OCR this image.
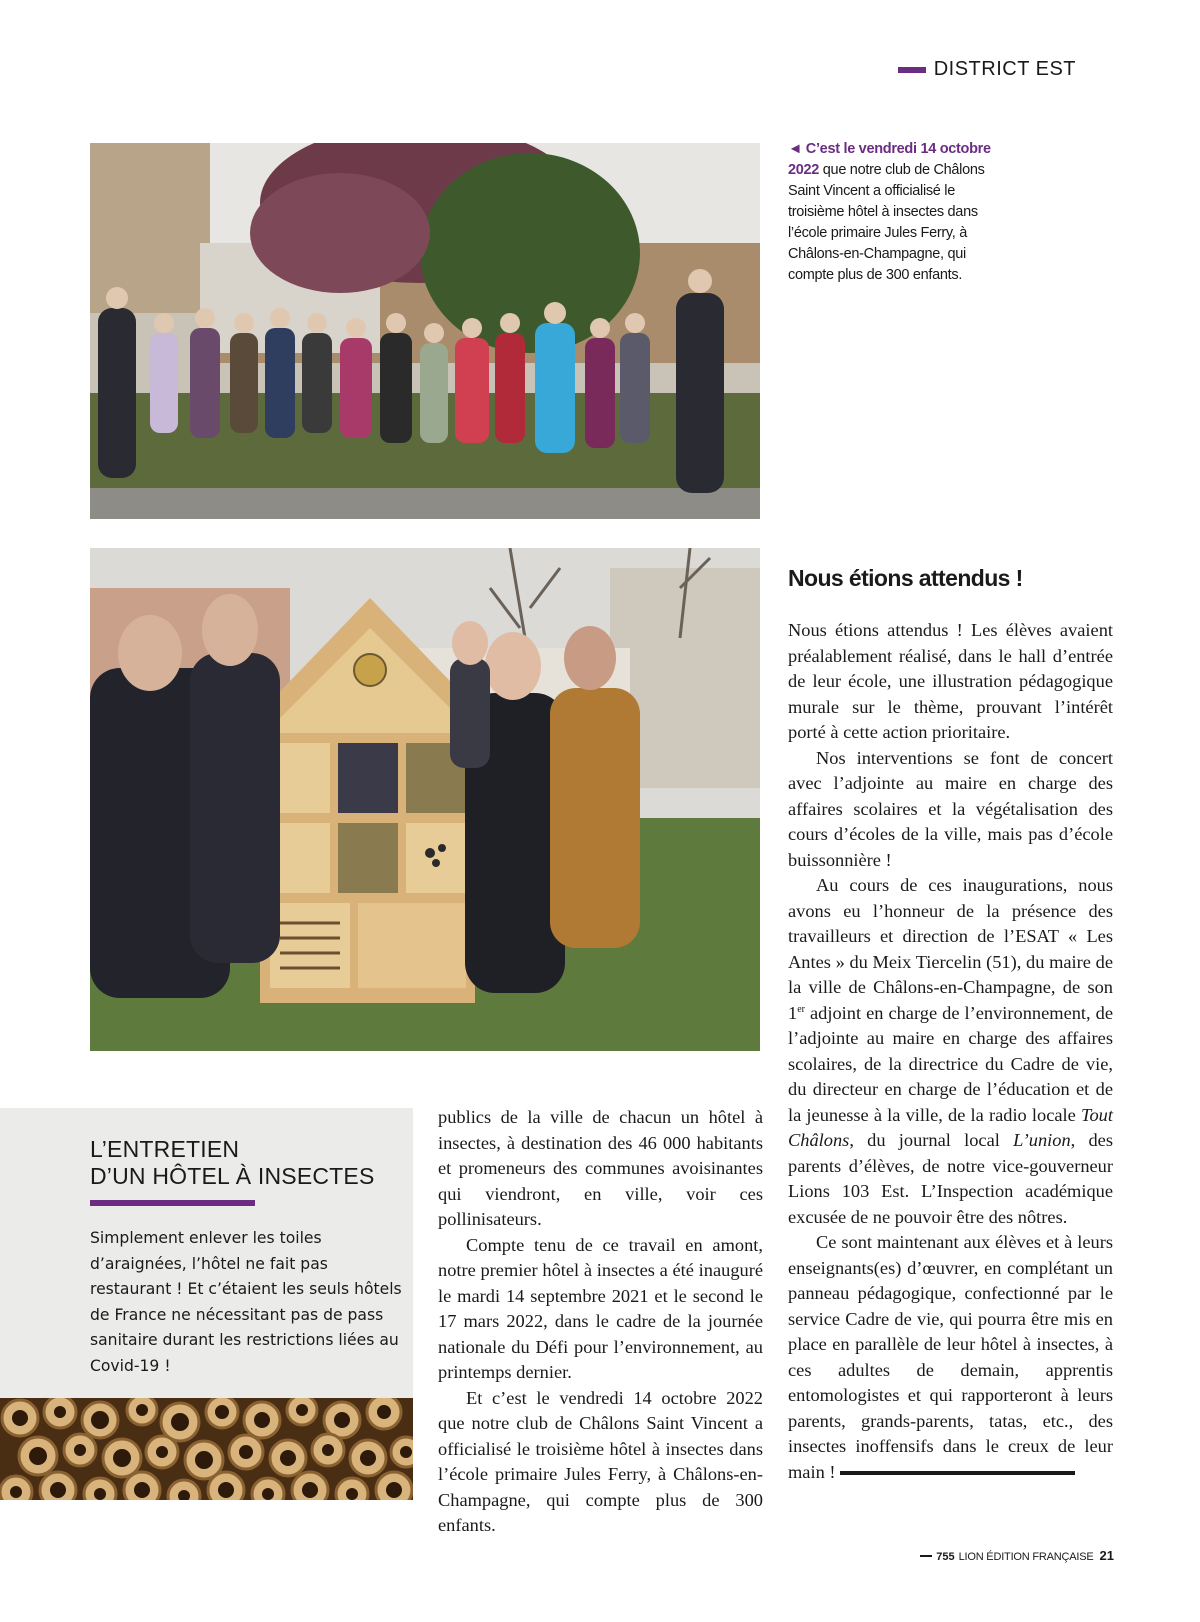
DISTRICT EST
◄ C’est le vendredi 14 octobre 2022 que notre club de Châlons Saint Vincent a officialisé le troisième hôtel à insectes dans l’école primaire Jules Ferry, à Châlons-en-Champagne, qui compte plus de 300 enfants.
Nous étions attendus !

Nous étions attendus ! Les élèves avaient préalablement réalisé, dans le hall d’entrée de leur école, une illustration pédagogique murale sur le thème, prouvant l’intérêt porté à cette action prioritaire.

Nos interventions se font de concert avec l’adjointe au maire en charge des affaires scolaires et la végétalisation des cours d’écoles de la ville, mais pas d’école buissonnière !

Au cours de ces inaugurations, nous avons eu l’honneur de la présence des travailleurs et direction de l’ESAT « Les Antes » du Meix Tiercelin (51), du maire de la ville de Châlons-en-Champagne, de son 1er adjoint en charge de l’environnement, de l’adjointe au maire en charge des affaires scolaires, de la directrice du Cadre de vie, du directeur en charge de l’éducation et de la jeunesse à la ville, de la radio locale Tout Châlons, du journal local L’union, des parents d’élèves, de notre vice-gouverneur Lions 103 Est. L’Inspection académique excusée de ne pouvoir être des nôtres.

Ce sont maintenant aux élèves et à leurs enseignants(es) d’œuvrer, en complétant un panneau pédagogique, confectionné par le service Cadre de vie, qui pourra être mis en place en parallèle de leur hôtel à insectes, à ces adultes de demain, apprentis entomologistes et qui rapporteront à leurs parents, grands-parents, tatas, etc., des insectes inoffensifs dans le creux de leur main !

publics de la ville de chacun un hôtel à insectes, à destination des 46 000 habitants et promeneurs des communes avoisinantes qui viendront, en ville, voir ces pollinisateurs.

Compte tenu de ce travail en amont, notre premier hôtel à insectes a été inauguré le mardi 14 septembre 2021 et le second le 17 mars 2022, dans le cadre de la journée nationale du Défi pour l’environnement, au printemps dernier.

Et c’est le vendredi 14 octobre 2022 que notre club de Châlons Saint Vincent a officialisé le troisième hôtel à insectes dans l’école primaire Jules Ferry, à Châlons-en-Champagne, qui compte plus de 300 enfants.

L’ENTRETIEN
D’UN HÔTEL À INSECTES
Simplement enlever les toiles d’araignées, l’hôtel ne fait pas restaurant ! Et c’étaient les seuls hôtels de France ne nécessitant pas de pass sanitaire durant les restrictions liées au Covid-19 !
755 LION ÉDITION FRANÇAISE 21
